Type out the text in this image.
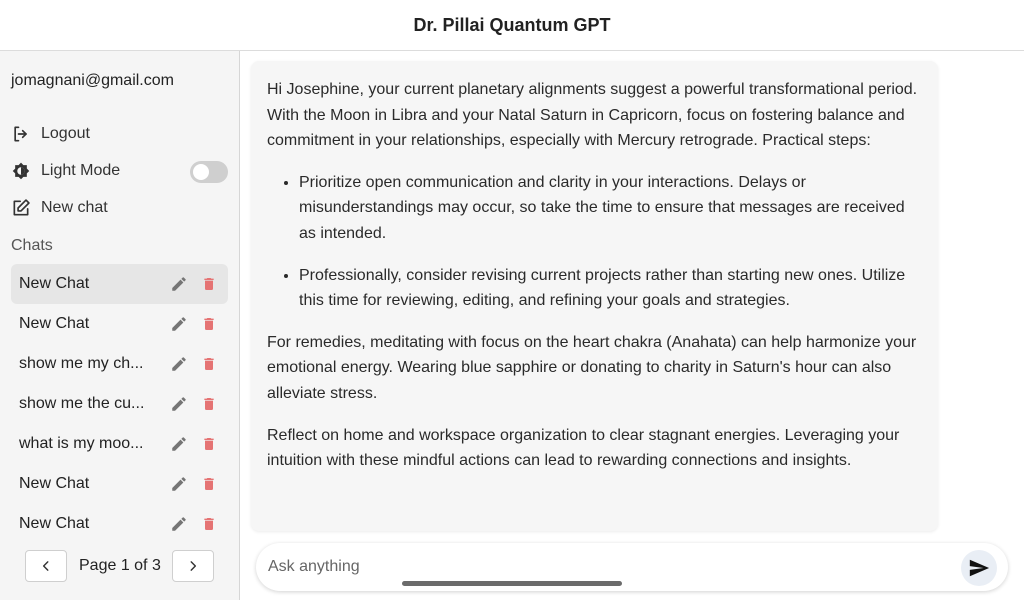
Dr. Pillai Quantum GPT
jomagnani@gmail.com
Logout
Light Mode
New chat
Chats
New Chat
New Chat
show me my ch...
show me the cu...
what is my moo...
New Chat
New Chat
Page 1 of 3

Hi Josephine, your current planetary alignments suggest a powerful transformational period. With the Moon in Libra and your Natal Saturn in Capricorn, focus on fostering balance and commitment in your relationships, especially with Mercury retrograde. Practical steps:

• Prioritize open communication and clarity in your interactions. Delays or misunderstandings may occur, so take the time to ensure that messages are received as intended.
• Professionally, consider revising current projects rather than starting new ones. Utilize this time for reviewing, editing, and refining your goals and strategies.

For remedies, meditating with focus on the heart chakra (Anahata) can help harmonize your emotional energy. Wearing blue sapphire or donating to charity in Saturn's hour can also alleviate stress.

Reflect on home and workspace organization to clear stagnant energies. Leveraging your intuition with these mindful actions can lead to rewarding connections and insights.

Ask anything
